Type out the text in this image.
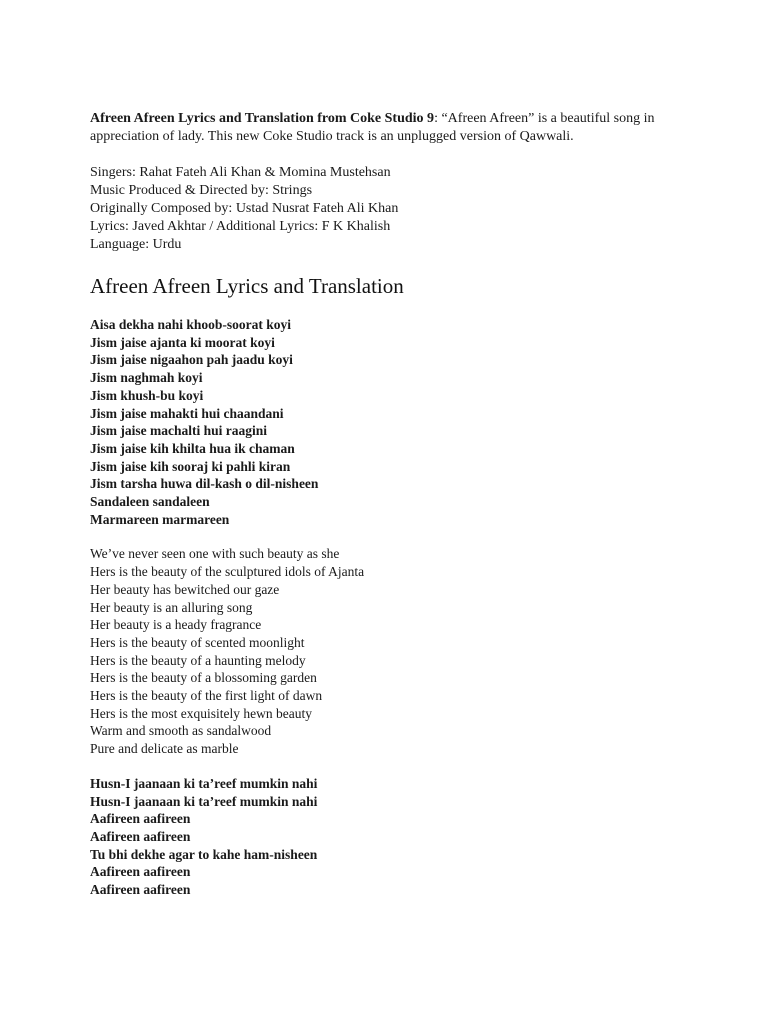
Afreen Afreen Lyrics and Translation from Coke Studio 9: “Afreen Afreen” is a beautiful song in appreciation of lady. This new Coke Studio track is an unplugged version of Qawwali.

Singers: Rahat Fateh Ali Khan & Momina Mustehsan
Music Produced & Directed by: Strings
Originally Composed by: Ustad Nusrat Fateh Ali Khan
Lyrics: Javed Akhtar / Additional Lyrics: F K Khalish
Language: Urdu
Afreen Afreen Lyrics and Translation
Aisa dekha nahi khoob-soorat koyi
Jism jaise ajanta ki moorat koyi
Jism jaise nigaahon pah jaadu koyi
Jism naghmah koyi
Jism khush-bu koyi
Jism jaise mahakti hui chaandani
Jism jaise machalti hui raagini
Jism jaise kih khilta hua ik chaman
Jism jaise kih sooraj ki pahli kiran
Jism tarsha huwa dil-kash o dil-nisheen
Sandaleen sandaleen
Marmareen marmareen
We’ve never seen one with such beauty as she
Hers is the beauty of the sculptured idols of Ajanta
Her beauty has bewitched our gaze
Her beauty is an alluring song
Her beauty is a heady fragrance
Hers is the beauty of scented moonlight
Hers is the beauty of a haunting melody
Hers is the beauty of a blossoming garden
Hers is the beauty of the first light of dawn
Hers is the most exquisitely hewn beauty
Warm and smooth as sandalwood
Pure and delicate as marble
Husn-I jaanaan ki ta’reef mumkin nahi
Husn-I jaanaan ki ta’reef mumkin nahi
Aafireen aafireen
Aafireen aafireen
Tu bhi dekhe agar to kahe ham-nisheen
Aafireen aafireen
Aafireen aafireen
